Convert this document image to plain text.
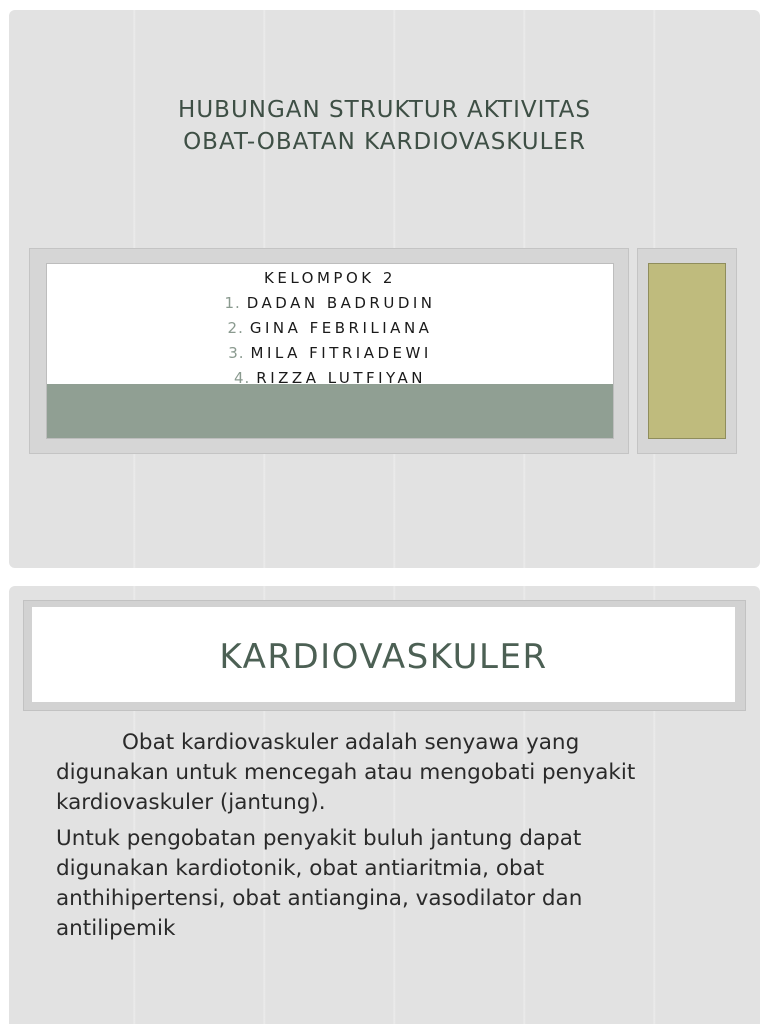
HUBUNGAN STRUKTUR AKTIVITAS
OBAT-OBATAN KARDIOVASKULER
KELOMPOK 2
1. DADAN BADRUDIN
2. GINA FEBRILIANA
3. MILA FITRIADEWI
4. RIZZA LUTFIYAN
KARDIOVASKULER

Obat kardiovaskuler adalah senyawa yang digunakan untuk mencegah atau mengobati penyakit kardiovaskuler (jantung).

Untuk pengobatan penyakit buluh jantung dapat digunakan kardiotonik, obat antiaritmia, obat anthihipertensi, obat antiangina, vasodilator dan antilipemik
